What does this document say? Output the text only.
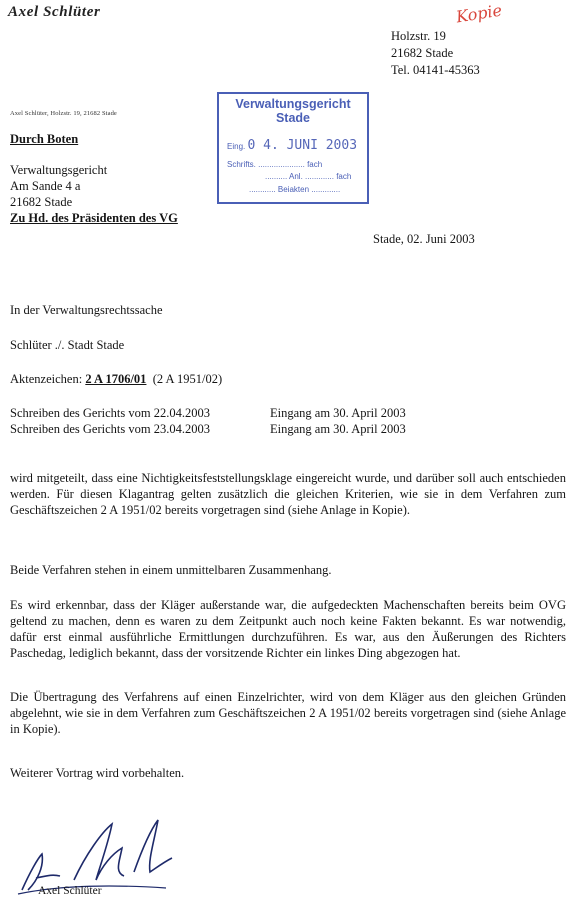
Axel Schlüter	Kopie
Holzstr. 19
21682 Stade
Tel. 04141-45363
Axel Schlüter, Holzstr. 19, 21682 Stade
Durch Boten
Verwaltungsgericht
Am Sande 4 a
21682 Stade
Zu Hd. des Präsidenten des VG
Verwaltungsgericht
Stade
Eing. 0 4. JUNI 2003
Schrifts. ..................... fach
.......... Anl. ............. fach
............ Beiakten .............
Stade, 02. Juni 2003
In der Verwaltungsrechtssache
Schlüter ./. Stadt Stade
Aktenzeichen: 2 A 1706/01 (2 A 1951/02)
Schreiben des Gerichts vom 22.04.2003	Eingang am 30. April 2003
Schreiben des Gerichts vom 23.04.2003	Eingang am 30. April 2003
wird mitgeteilt, dass eine Nichtigkeitsfeststellungsklage eingereicht wurde, und darüber soll auch entschieden werden. Für diesen Klagantrag gelten zusätzlich die gleichen Kriterien, wie sie in dem Verfahren zum Geschäftszeichen 2 A 1951/02 bereits vorgetragen sind (siehe Anlage in Kopie).
Beide Verfahren stehen in einem unmittelbaren Zusammenhang.
Es wird erkennbar, dass der Kläger außerstande war, die aufgedeckten Machenschaften bereits beim OVG geltend zu machen, denn es waren zu dem Zeitpunkt auch noch keine Fakten bekannt. Es war notwendig, dafür erst einmal ausführliche Ermittlungen durchzuführen. Es war, aus den Äußerungen des Richters Paschedag, lediglich bekannt, dass der vorsitzende Richter ein linkes Ding abgezogen hat.
Die Übertragung des Verfahrens auf einen Einzelrichter, wird von dem Kläger aus den gleichen Gründen abgelehnt, wie sie in dem Verfahren zum Geschäftszeichen 2 A 1951/02 bereits vorgetragen sind (siehe Anlage in Kopie).
Weiterer Vortrag wird vorbehalten.
Axel Schlüter
